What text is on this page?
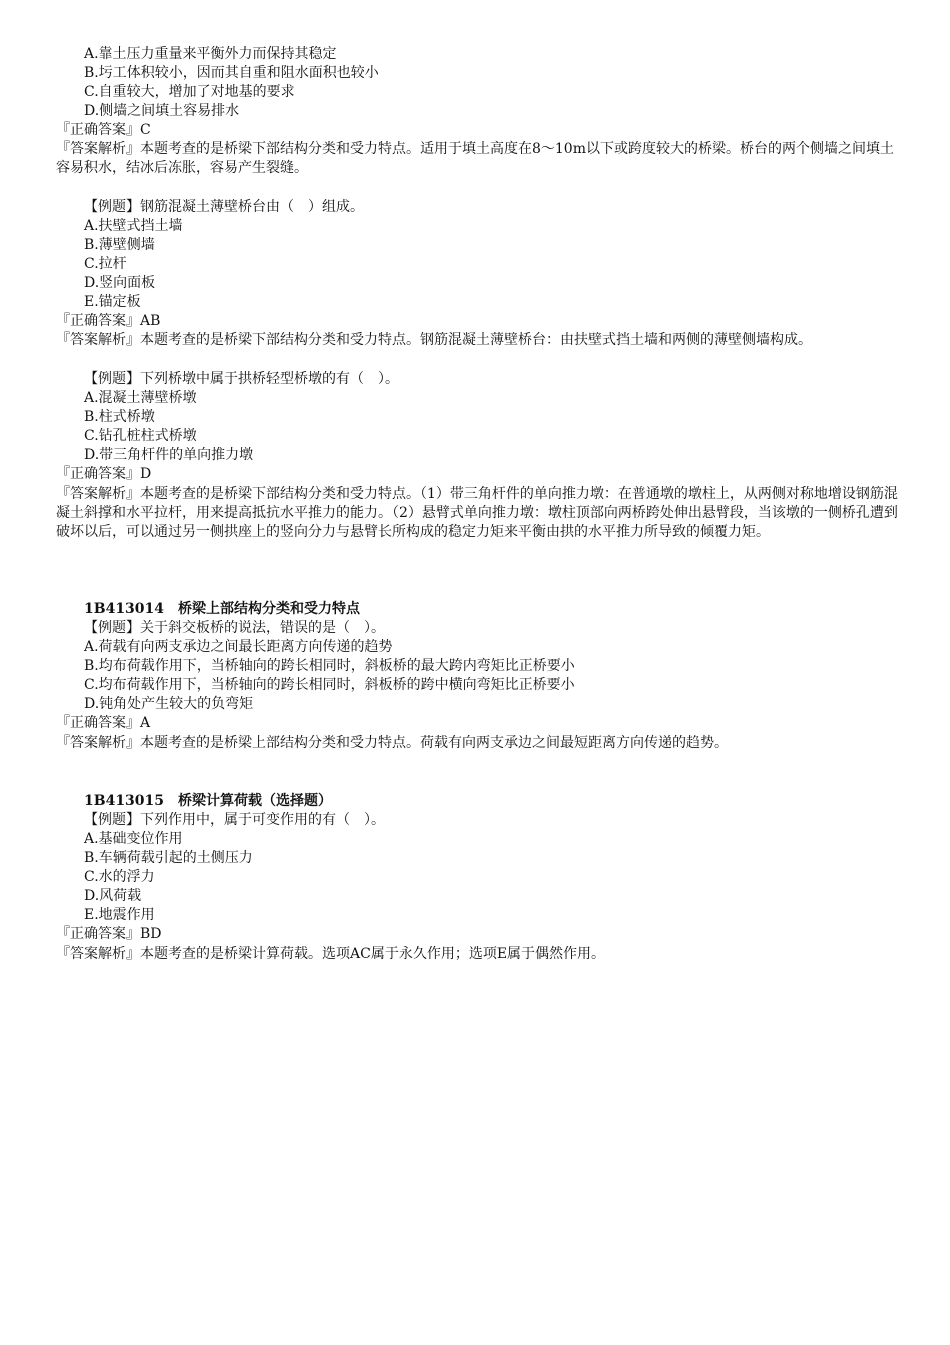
A.靠土压力重量来平衡外力而保持其稳定
B.圬工体积较小，因而其自重和阻水面积也较小
C.自重较大，增加了对地基的要求
D.侧墙之间填土容易排水
『正确答案』C
『答案解析』本题考查的是桥梁下部结构分类和受力特点。适用于填土高度在8～10m以下或跨度较大的桥梁。桥台的两个侧墙之间填土容易积水，结冰后冻胀，容易产生裂缝。
【例题】钢筋混凝土薄壁桥台由（　）组成。
A.扶壁式挡土墙
B.薄壁侧墙
C.拉杆
D.竖向面板
E.锚定板
『正确答案』AB
『答案解析』本题考查的是桥梁下部结构分类和受力特点。钢筋混凝土薄壁桥台：由扶壁式挡土墙和两侧的薄壁侧墙构成。
【例题】下列桥墩中属于拱桥轻型桥墩的有（　）。
A.混凝土薄壁桥墩
B.柱式桥墩
C.钻孔桩柱式桥墩
D.带三角杆件的单向推力墩
『正确答案』D
『答案解析』本题考查的是桥梁下部结构分类和受力特点。（1）带三角杆件的单向推力墩：在普通墩的墩柱上，从两侧对称地增设钢筋混凝土斜撑和水平拉杆，用来提高抵抗水平推力的能力。（2）悬臂式单向推力墩：墩柱顶部向两桥跨处伸出悬臂段，当该墩的一侧桥孔遭到破坏以后，可以通过另一侧拱座上的竖向分力与悬臂长所构成的稳定力矩来平衡由拱的水平推力所导致的倾覆力矩。
1B413014　桥梁上部结构分类和受力特点
【例题】关于斜交板桥的说法，错误的是（　）。
A.荷载有向两支承边之间最长距离方向传递的趋势
B.均布荷载作用下，当桥轴向的跨长相同时，斜板桥的最大跨内弯矩比正桥要小
C.均布荷载作用下，当桥轴向的跨长相同时，斜板桥的跨中横向弯矩比正桥要小
D.钝角处产生较大的负弯矩
『正确答案』A
『答案解析』本题考查的是桥梁上部结构分类和受力特点。荷载有向两支承边之间最短距离方向传递的趋势。
1B413015　桥梁计算荷载（选择题）
【例题】下列作用中，属于可变作用的有（　）。
A.基础变位作用
B.车辆荷载引起的土侧压力
C.水的浮力
D.风荷载
E.地震作用
『正确答案』BD
『答案解析』本题考查的是桥梁计算荷载。选项AC属于永久作用；选项E属于偶然作用。
